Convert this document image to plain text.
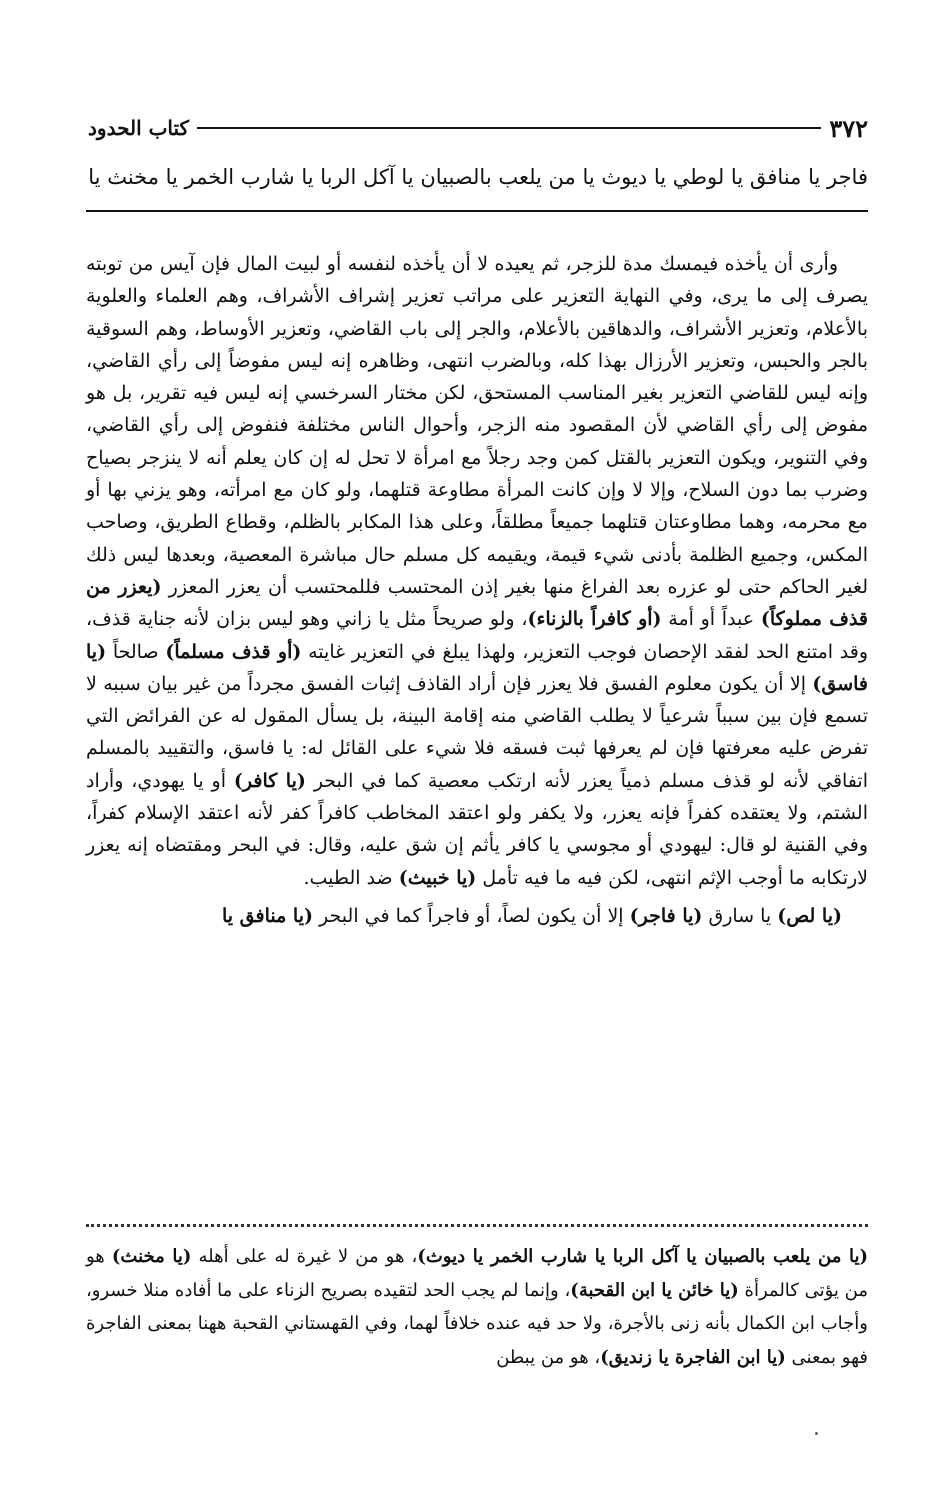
٣٧٢
كتاب الحدود
فاجر يا منافق يا لوطي يا ديوث يا من يلعب بالصبيان يا آكل الربا يا شارب الخمر يا مخنث يا

وأرى أن يأخذه فيمسك مدة للزجر، ثم يعيده لا أن يأخذه لنفسه أو لبيت المال فإن آيس من توبته يصرف إلى ما يرى، وفي النهاية التعزير على مراتب تعزير إشراف الأشراف، وهم العلماء والعلوية بالأعلام، وتعزير الأشراف، والدهاقين بالأعلام، والجر إلى باب القاضي، وتعزير الأوساط، وهم السوقية بالجر والحبس، وتعزير الأرزال بهذا كله، وبالضرب انتهى، وظاهره إنه ليس مفوضاً إلى رأي القاضي، وإنه ليس للقاضي التعزير بغير المناسب المستحق، لكن مختار السرخسي إنه ليس فيه تقرير، بل هو مفوض إلى رأي القاضي لأن المقصود منه الزجر، وأحوال الناس مختلفة فنفوض إلى رأي القاضي، وفي التنوير، ويكون التعزير بالقتل كمن وجد رجلاً مع امرأة لا تحل له إن كان يعلم أنه لا ينزجر بصياح وضرب بما دون السلاح، وإلا لا وإن كانت المرأة مطاوعة قتلهما، ولو كان مع امرأته، وهو يزني بها أو مع محرمه، وهما مطاوعتان قتلهما جميعاً مطلقاً، وعلى هذا المكابر بالظلم، وقطاع الطريق، وصاحب المكس، وجميع الظلمة بأدنى شيء قيمة، ويقيمه كل مسلم حال مباشرة المعصية، وبعدها ليس ذلك لغير الحاكم حتى لو عزره بعد الفراغ منها بغير إذن المحتسب فللمحتسب أن يعزر المعزر (يعزر من قذف مملوكاً) عبداً أو أمة (أو كافراً بالزناء)، ولو صريحاً مثل يا زاني وهو ليس بزان لأنه جناية قذف، وقد امتنع الحد لفقد الإحصان فوجب التعزير، ولهذا يبلغ في التعزير غايته (أو قذف مسلماً) صالحاً (يا فاسق) إلا أن يكون معلوم الفسق فلا يعزر فإن أراد القاذف إثبات الفسق مجرداً من غير بيان سببه لا تسمع فإن بين سبباً شرعياً لا يطلب القاضي منه إقامة البينة، بل يسأل المقول له عن الفرائض التي تفرض عليه معرفتها فإن لم يعرفها ثبت فسقه فلا شيء على القائل له: يا فاسق، والتقييد بالمسلم اتفاقي لأنه لو قذف مسلم ذمياً يعزر لأنه ارتكب معصية كما في البحر (يا كافر) أو يا يهودي، وأراد الشتم، ولا يعتقده كفراً فإنه يعزر، ولا يكفر ولو اعتقد المخاطب كافراً كفر لأنه اعتقد الإسلام كفراً، وفي القنية لو قال: ليهودي أو مجوسي يا كافر يأثم إن شق عليه، وقال: في البحر ومقتضاه إنه يعزر لارتكابه ما أوجب الإثم انتهى، لكن فيه ما فيه تأمل (يا خبيث) ضد الطيب.

(يا لص) يا سارق (يا فاجر) إلا أن يكون لصاً، أو فاجراً كما في البحر (يا منافق يا

(يا من يلعب بالصبيان يا آكل الربا يا شارب الخمر يا ديوث)، هو من لا غيرة له على أهله (يا مخنث) هو من يؤتى كالمرأة (يا خائن يا ابن القحبة)، وإنما لم يجب الحد لتقيده بصريح الزناء على ما أفاده منلا خسرو، وأجاب ابن الكمال بأنه زنى بالأجرة، ولا حد فيه عنده خلافاً لهما، وفي القهستاني القحبة ههنا بمعنى الفاجرة فهو بمعنى (يا ابن الفاجرة يا زنديق)، هو من يبطن
